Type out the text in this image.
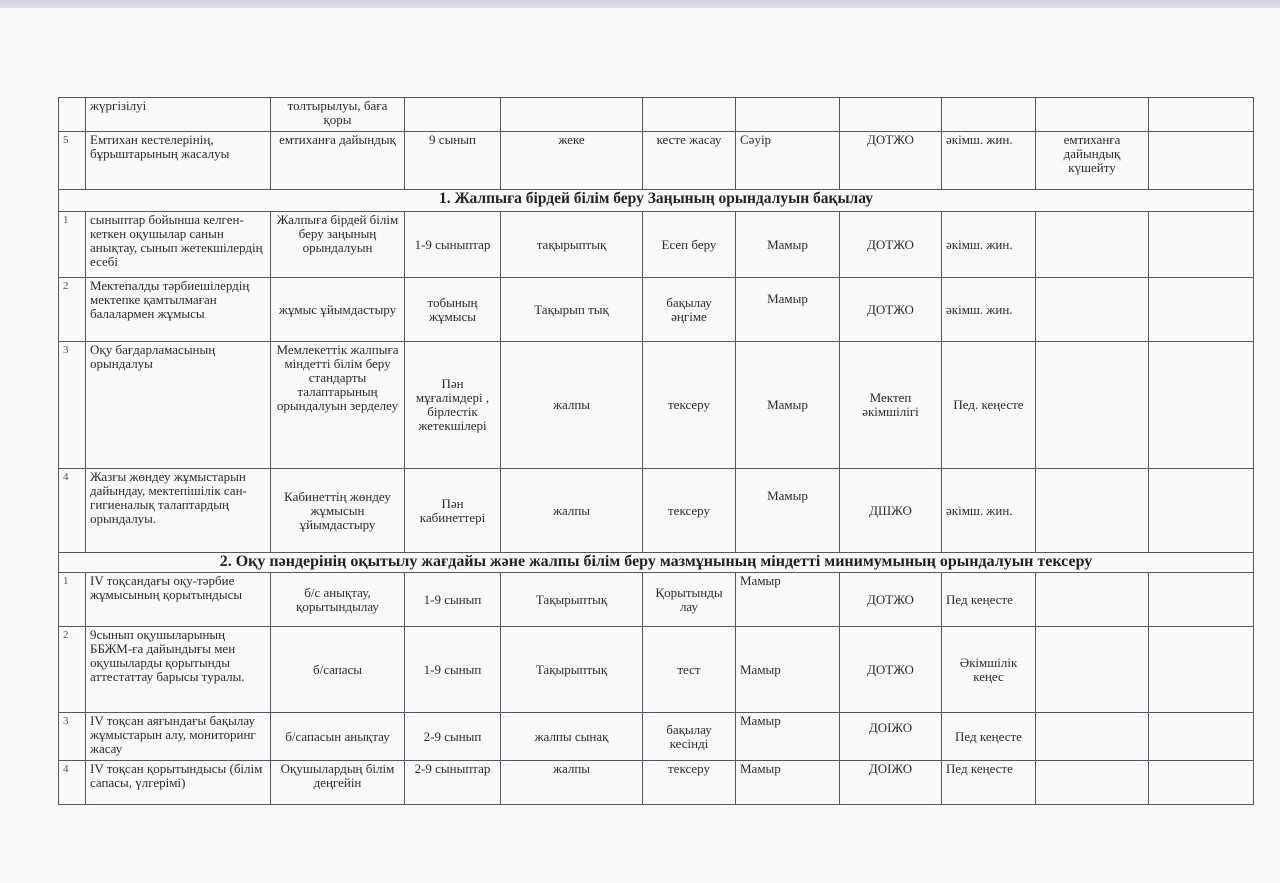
	жүргізілуі	толтырылуы, бағa қоры								
5	Емтихан кестелерінің, бұрыштарының жасалуы	емтиханға дайындық	9 сынып	жеке	кесте жасау	Сәуір	ДОТЖО	әкімш. жин.	емтиханға дайындық күшейту	
1. Жалпыға бірдей білім беру Заңының орындалуын бақылау										
1	сыныптар бойынша келген-кеткен оқушылар санын анықтау, сынып жетекшілердің есебі	Жалпыға бірдей білім беру заңының орындалуын	1-9 сыныптар	тақырыптық	Есеп беру	Мамыр	ДОТЖО	әкімш. жин.		
2	Мектепалды тәрбиешілердің мектепке қамтылмаған балалармен жұмысы	жұмыс ұйымдастыру	тобының жұмысы	Тақырып тық	бақылау әңгіме	Мамыр	ДОТЖО	әкімш. жин.		
3	Оқу бағдарламасының орындалуы	Мемлекеттік жалпыға міндетті білім беру стандарты талаптарының орындалуын зерделеу	Пән мұғалімдері , бірлестік жетекшілері	жалпы	тексеру	Мамыр	Мектеп әкімшілігі	Пед. кеңесте		
4	Жазғы жөндеу жұмыстарын дайындау, мектепішілік сан-гигиеналық талаптардың орындалуы.	Кабинеттің жөндеу жұмысын ұйымдастыру	Пән кабинеттері	жалпы	тексеру	Мамыр	ДШЖО	әкімш. жин.		
2. Оқу пәндерінің оқытылу жағдайы және жалпы білім беру мазмұнының міндетті минимумының орындалуын тексеру										
1	IV тоқсандағы оқу-тәрбие жұмысының қорытындысы	б/с анықтау, қорытындылау	1-9 сынып	Тақырыптық	Қорытынды лау	Мамыр	ДОТЖО	Пед кеңесте		
2	9сынып оқушыларының ББЖМ-ға дайындығы мен оқушыларды қорытынды аттестаттау барысы туралы.	б/сапасы	1-9 сынып	Тақырыптық	тест	Мамыр	ДОТЖО	Әкімшілік кеңес		
3	IV тоқсан аяғындағы бақылау жұмыстарын алу, мониторинг жасау	б/сапасын анықтау	2-9 сынып	жалпы сынақ	бақылау кесінді	Мамыр	ДОІЖО	Пед кеңесте		
4	IV тоқсан қорытындысы (білім сапасы, үлгерімі)	Оқушылардың білім деңгейін	2-9 сыныптар	жалпы	тексеру	Мамыр	ДОІЖО	Пед кеңесте		
